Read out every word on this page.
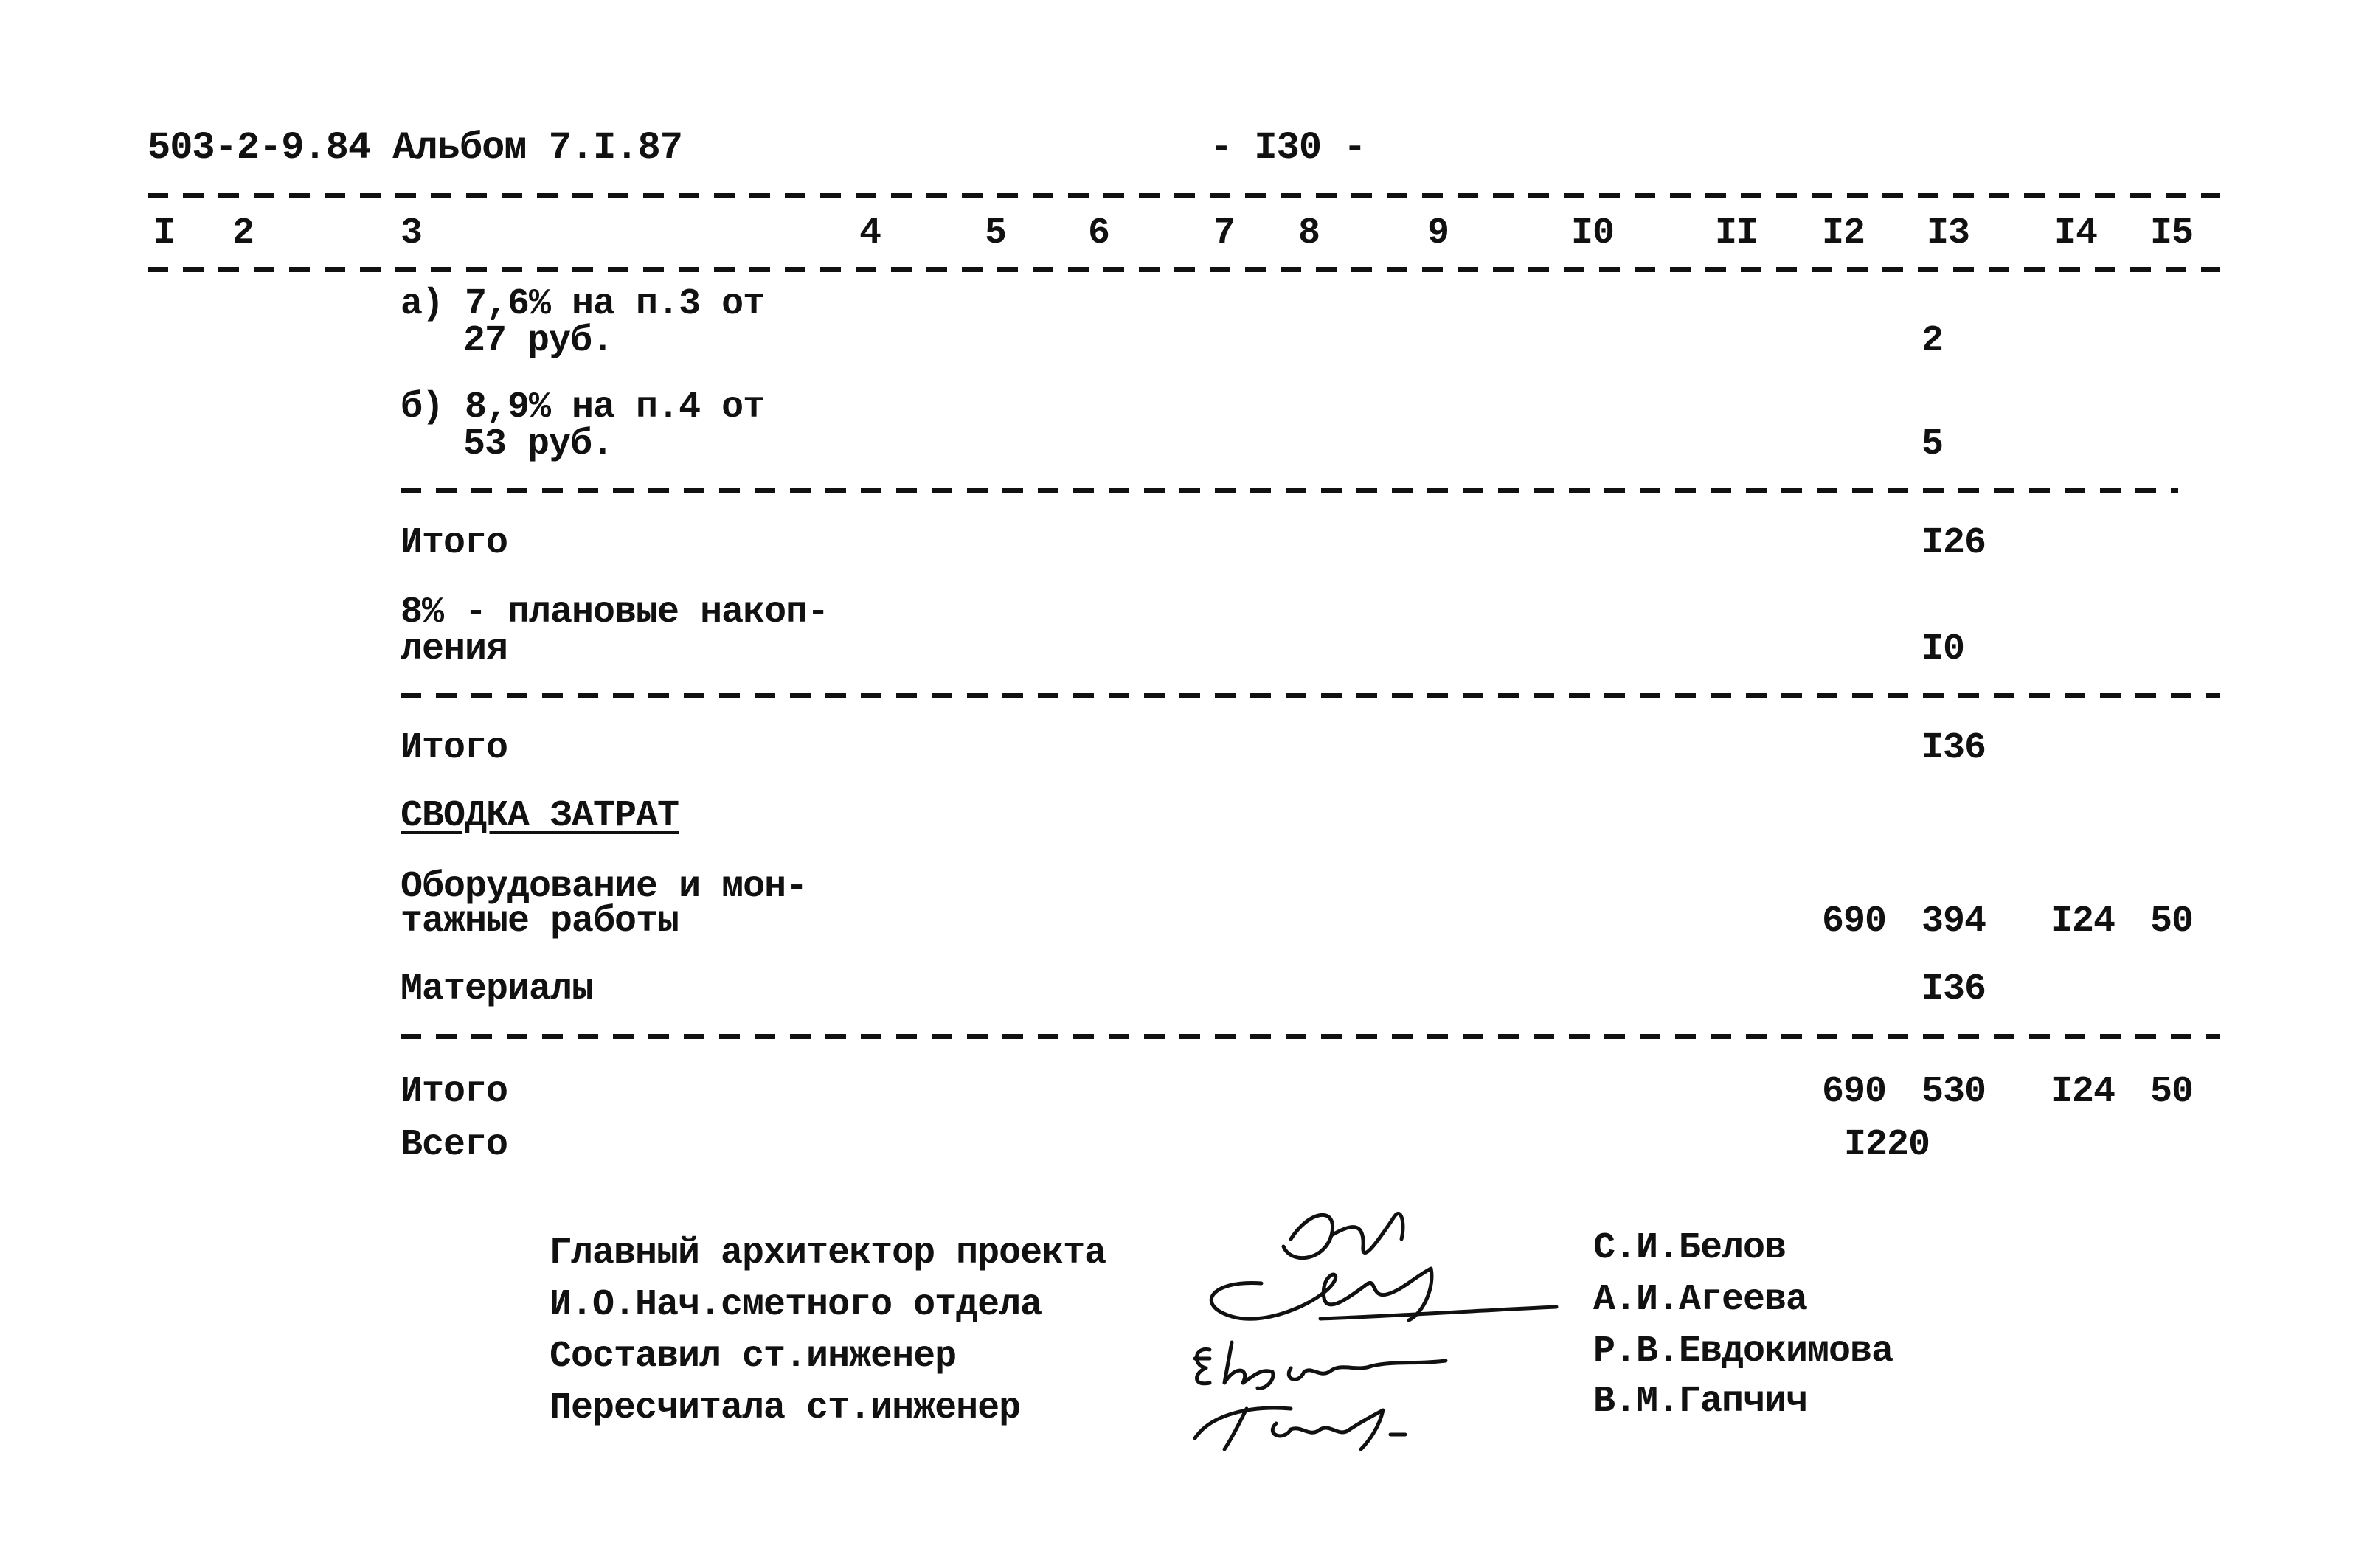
503-2-9.84 Альбом 7.I.87	- I30 -
I 2	3	4	5 6	7 8	9	I0	II I2 I3 I4 I5
а) 7,6% на п.3 от
27 руб.	2
б) 8,9% на п.4 от
53 руб.	5
Итого	I26
8% - плановые накоп-
ления	I0
Итого	I36
СВОДКА ЗАТРАТ
Оборудование и мон-
тажные работы	690 394 I24 50
Материалы	I36
Итого	690 530 I24 50
Всего	I220
Главный архитектор проекта
И.О.Нач.сметного отдела
Составил ст.инженер
Пересчитала ст.инженер
С.И.Белов
А.И.Агеева
Р.В.Евдокимова
В.М.Гапчич
